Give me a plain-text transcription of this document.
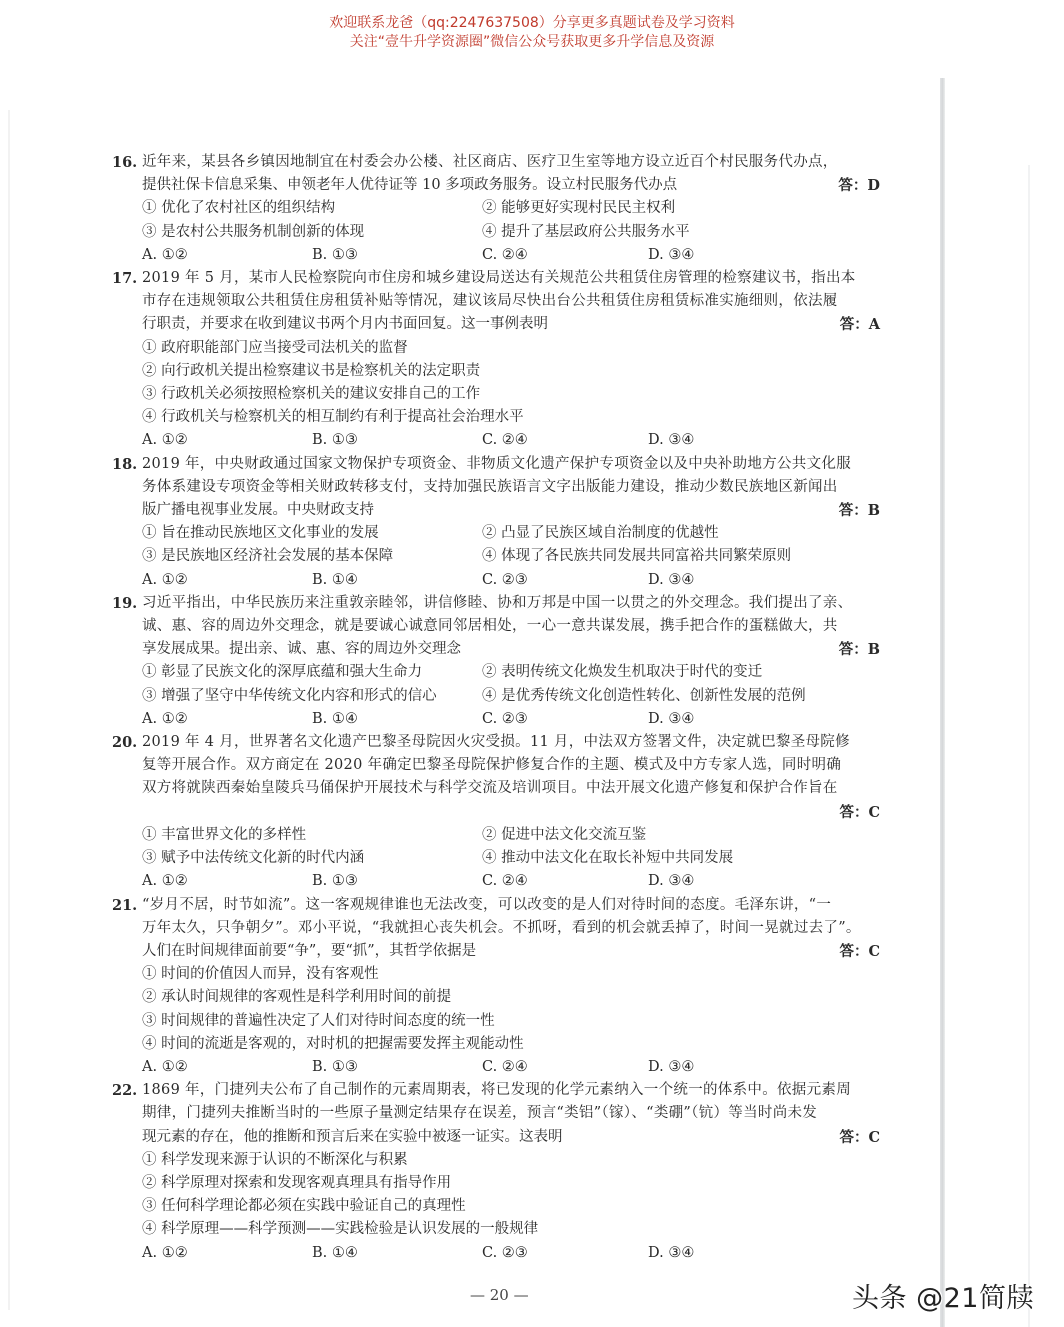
欢迎联系龙爸（qq:2247637508）分享更多真题试卷及学习资料
关注“壹牛升学资源圈”微信公众号获取更多升学信息及资源
16. 近年来，某县各乡镇因地制宜在村委会办公楼、社区商店、医疗卫生室等地方设立近百个村民服务代办点，
提供社保卡信息采集、申领老年人优待证等 10 多项政务服务。设立村民服务代办点	答：D
① 优化了农村社区的组织结构	② 能够更好实现村民民主权利
③ 是农村公共服务机制创新的体现	④ 提升了基层政府公共服务水平
A. ①②	B. ①③	C. ②④	D. ③④
17. 2019 年 5 月，某市人民检察院向市住房和城乡建设局送达有关规范公共租赁住房管理的检察建议书，指出本
市存在违规领取公共租赁住房租赁补贴等情况，建议该局尽快出台公共租赁住房租赁标准实施细则，依法履
行职责，并要求在收到建议书两个月内书面回复。这一事例表明	答：A
① 政府职能部门应当接受司法机关的监督
② 向行政机关提出检察建议书是检察机关的法定职责
③ 行政机关必须按照检察机关的建议安排自己的工作
④ 行政机关与检察机关的相互制约有利于提高社会治理水平
A. ①②	B. ①③	C. ②④	D. ③④
18. 2019 年，中央财政通过国家文物保护专项资金、非物质文化遗产保护专项资金以及中央补助地方公共文化服
务体系建设专项资金等相关财政转移支付，支持加强民族语言文字出版能力建设，推动少数民族地区新闻出
版广播电视事业发展。中央财政支持	答：B
① 旨在推动民族地区文化事业的发展	② 凸显了民族区域自治制度的优越性
③ 是民族地区经济社会发展的基本保障	④ 体现了各民族共同发展共同富裕共同繁荣原则
A. ①②	B. ①④	C. ②③	D. ③④
19. 习近平指出，中华民族历来注重敦亲睦邻，讲信修睦、协和万邦是中国一以贯之的外交理念。我们提出了亲、
诚、惠、容的周边外交理念，就是要诚心诚意同邻居相处，一心一意共谋发展，携手把合作的蛋糕做大，共
享发展成果。提出亲、诚、惠、容的周边外交理念	答：B
① 彰显了民族文化的深厚底蕴和强大生命力	② 表明传统文化焕发生机取决于时代的变迁
③ 增强了坚守中华传统文化内容和形式的信心	④ 是优秀传统文化创造性转化、创新性发展的范例
A. ①②	B. ①④	C. ②③	D. ③④
20. 2019 年 4 月，世界著名文化遗产巴黎圣母院因火灾受损。11 月，中法双方签署文件，决定就巴黎圣母院修
复等开展合作。双方商定在 2020 年确定巴黎圣母院保护修复合作的主题、模式及中方专家人选，同时明确
双方将就陕西秦始皇陵兵马俑保护开展技术与科学交流及培训项目。中法开展文化遗产修复和保护合作旨在
答：C
① 丰富世界文化的多样性	② 促进中法文化交流互鉴
③ 赋予中法传统文化新的时代内涵	④ 推动中法文化在取长补短中共同发展
A. ①②	B. ①③	C. ②④	D. ③④
21. “岁月不居，时节如流”。这一客观规律谁也无法改变，可以改变的是人们对待时间的态度。毛泽东讲，“一
万年太久，只争朝夕”。邓小平说，“我就担心丧失机会。不抓呀，看到的机会就丢掉了，时间一晃就过去了”。
人们在时间规律面前要“争”，要“抓”，其哲学依据是	答：C
① 时间的价值因人而异，没有客观性
② 承认时间规律的客观性是科学利用时间的前提
③ 时间规律的普遍性决定了人们对待时间态度的统一性
④ 时间的流逝是客观的，对时机的把握需要发挥主观能动性
A. ①②	B. ①③	C. ②④	D. ③④
22. 1869 年，门捷列夫公布了自己制作的元素周期表，将已发现的化学元素纳入一个统一的体系中。依据元素周
期律，门捷列夫推断当时的一些原子量测定结果存在误差，预言“类铝”（镓）、“类硼”（钪）等当时尚未发
现元素的存在，他的推断和预言后来在实验中被逐一证实。这表明	答：C
① 科学发现来源于认识的不断深化与积累
② 科学原理对探索和发现客观真理具有指导作用
③ 任何科学理论都必须在实践中验证自己的真理性
④ 科学原理——科学预测——实践检验是认识发展的一般规律
A. ①②	B. ①④	C. ②③	D. ③④
— 20 —	头条 @21简牍
